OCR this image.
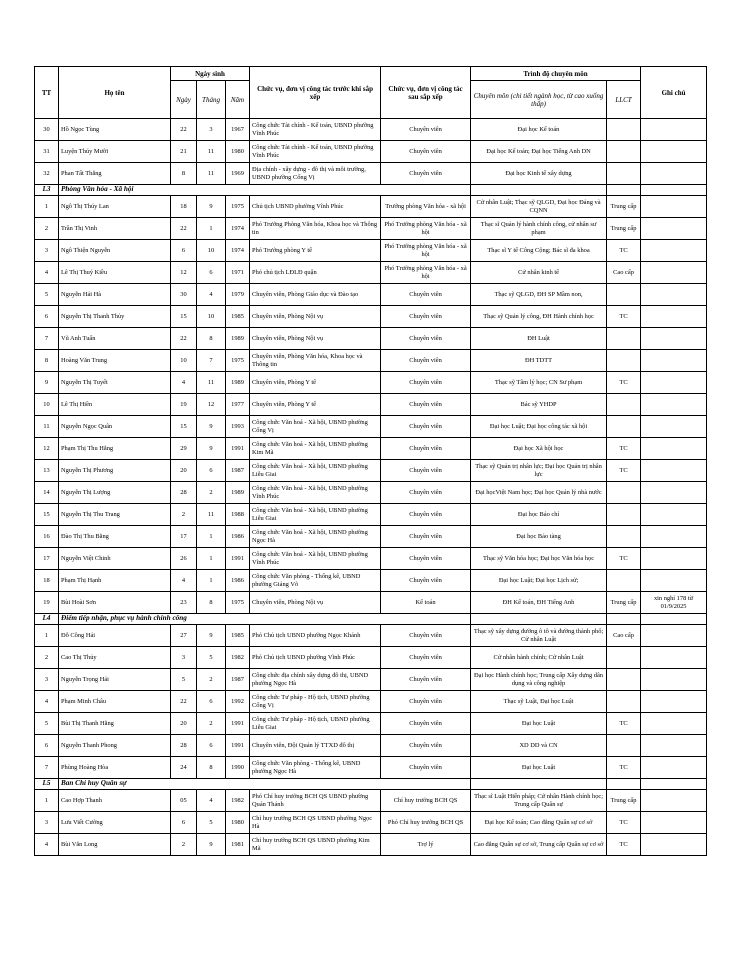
TT	Họ tên	Ngày sinh			Chức vụ, đơn vị công tác trước khi sắp xếp	Chức vụ, đơn vị công tác sau sắp xếp	Trình độ chuyên môn		Ghi chú
		Ngày	Tháng	Năm			Chuyên môn (chi tiết ngành học, từ cao xuống thấp)	LLCT	
30	Hồ Ngọc Tùng	22	3	1967	Công chức Tài chính - Kế toán, UBND phường Vĩnh Phúc	Chuyên viên	Đại học Kế toán		
31	Luyện Thúy Mười	21	11	1980	Công chức Tài chính - Kế toán, UBND phường Vĩnh Phúc	Chuyên viên	Đại học Kế toán; Đại học Tiếng Anh DN		
32	Phan Tất Thắng	8	11	1969	Địa chính - xây dựng - đô thị và môi trường, UBND phường Cống Vị	Chuyên viên	Đại học Kinh tế xây dựng		
L3	Phòng Văn hóa - Xã hội								
1	Ngô Thị Thúy Lan	18	9	1975	Chủ tịch UBND phường Vĩnh Phúc	Trưởng phòng Văn hóa - xã hội	Cử nhân Luật; Thạc sỹ QLGD, Đại học Đảng và CQNN	Trung cấp	
2	Trần Thị Vinh	22	1	1974	Phó Trưởng Phòng Văn hóa, Khoa học và Thông tin	Phó Trưởng phòng Văn hóa - xã hội	Thạc sĩ Quản lý hành chính công, cử nhân sư phạm	Trung cấp	
3	Ngô Thiện Nguyễn	6	10	1974	Phó Trưởng phòng Y tế	Phó Trưởng phòng Văn hóa - xã hội	Thạc sĩ Y tế Công Cộng; Bác sĩ đa khoa	TC	
4	Lê Thị Thuý Kiều	12	6	1971	Phó chủ tịch LĐLĐ quận	Phó Trưởng phòng Văn hóa - xã hội	Cử nhân kinh tế	Cao cấp	
5	Nguyễn Hải Hà	30	4	1979	Chuyên viên, Phòng Giáo dục và Đào tạo	Chuyên viên	Thạc sỹ QLGD, ĐH SP Mầm non,		
6	Nguyễn Thị Thanh Thủy	15	10	1985	Chuyên viên, Phòng Nội vụ	Chuyên viên	Thạc sỹ Quản lý công, ĐH Hành chính học	TC	
7	Vũ Anh Tuấn	22	8	1989	Chuyên viên, Phòng Nội vụ	Chuyên viên	ĐH Luật		
8	Hoàng Văn Trung	10	7	1975	Chuyên viên, Phòng Văn hóa, Khoa học và Thông tin	Chuyên viên	ĐH TDTT		
9	Nguyễn Thị Tuyết	4	11	1989	Chuyên viên, Phòng Y tế	Chuyên viên	Thạc sỹ Tâm lý học; CN Sư phạm	TC	
10	Lê Thị Hiền	19	12	1977	Chuyên viên, Phòng Y tế	Chuyên viên	Bác sỹ YHDP		
11	Nguyễn Ngọc Quân	15	9	1993	Công chức Văn hoá - Xã hội, UBND phường Cống Vị	Chuyên viên	Đại học Luật; Đại học công tác xã hội		
12	Phạm Thị Thu Hằng	29	9	1991	Công chức Văn hoá - Xã hội, UBND phường Kim Mã	Chuyên viên	Đại học Xã hội học	TC	
13	Nguyễn Thị Phương	20	6	1987	Công chức Văn hoá - Xã hội, UBND phường Liễu Giai	Chuyên viên	Thạc sỹ Quản trị nhân lực; Đại học Quản trị nhân lực	TC	
14	Nguyễn Thị Lượng	28	2	1989	Công chức Văn hoá - Xã hội, UBND phường Vĩnh Phúc	Chuyên viên	Đại họcViệt Nam học; Đại học Quản lý nhà nước		
15	Nguyễn Thị Thu Trang	2	11	1988	Công chức Văn hoá - Xã hội, UBND phường Liễu Giai	Chuyên viên	Đại học Báo chí		
16	Đào Thị Thu Bằng	17	1	1986	Công chức Văn hoá - Xã hội, UBND phường Ngọc Hà	Chuyên viên	Đại học Bảo tàng		
17	Nguyễn Việt Chinh	26	1	1991	Công chức Văn hoá - Xã hội, UBND phường Vĩnh Phúc	Chuyên viên	Thạc sỹ Văn hóa học; Đại học Văn hóa học	TC	
18	Phạm Thị Hạnh	4	1	1986	Công chức Văn phòng - Thống kê, UBND phường Giảng Võ	Chuyên viên	Đại học Luật; Đại học Lịch sử;		
19	Bùi Hoài Sơn	23	8	1975	Chuyên viên, Phòng Nội vụ	Kế toán	ĐH Kế toán, ĐH Tiếng Anh	Trung cấp	xin nghỉ 178 từ 01/9/2025
L4	Điểm tiếp nhận, phục vụ hành chính công								
1	Đỗ Công Hải	27	9	1985	Phó Chủ tịch UBND phường Ngọc Khánh	Chuyên viên	Thạc sỹ xây dựng đường ô tô và đường thành phố; Cử nhân Luật	Cao cấp	
2	Cao Thị Thủy	3	5	1982	Phó Chủ tịch UBND phường Vĩnh Phúc	Chuyên viên	Cử nhân hành chính; Cử nhân Luật		
3	Nguyễn Trọng Hải	5	2	1987	Công chức địa chính xây dựng đô thị, UBND phường Ngọc Hà	Chuyên viên	Đại học Hành chính học; Trung cấp Xây dựng dân dụng và công nghiệp		
4	Phạm Minh Châu	22	6	1992	Công chức Tư pháp - Hộ tịch, UBND phường Cống Vị	Chuyên viên	Thạc sỹ Luật, Đại học Luật		
5	Bùi Thị Thanh Hằng	20	2	1991	Công chức Tư pháp - Hộ tịch, UBND phường Liễu Giai	Chuyên viên	Đại học Luật	TC	
6	Nguyễn Thanh Phong	28	6	1991	Chuyên viên, Đội Quản lý TTXD đô thị	Chuyên viên	XD DD và CN		
7	Phùng Hoàng Hòa	24	8	1990	Công chức Văn phòng - Thống kê, UBND phường Ngọc Hà	Chuyên viên	Đại học Luật	TC	
L5	Ban Chỉ huy Quân sự								
1	Cao Hợp Thanh	05	4	1982	Phó Chỉ huy trưởng BCH QS UBND phường Quán Thánh	Chỉ huy trưởng BCH QS	Thạc sĩ Luật Hiến pháp; Cử nhân Hành chính học; Trung cấp Quân sự	Trung cấp	
3	Lưu Viết Cường	6	5	1980	Chỉ huy trưởng BCH QS UBND phường Ngọc Hà	Phó Chỉ huy trưởng BCH QS	Đại học Kế toán; Cao đẳng Quân sự cơ sở	TC	
4	Bùi Văn Long	2	9	1981	Chỉ huy trưởng BCH QS UBND phường Kim Mã	Trợ lý	Cao đẳng Quân sự cơ sở, Trung cấp Quân sự cơ sở	TC	
